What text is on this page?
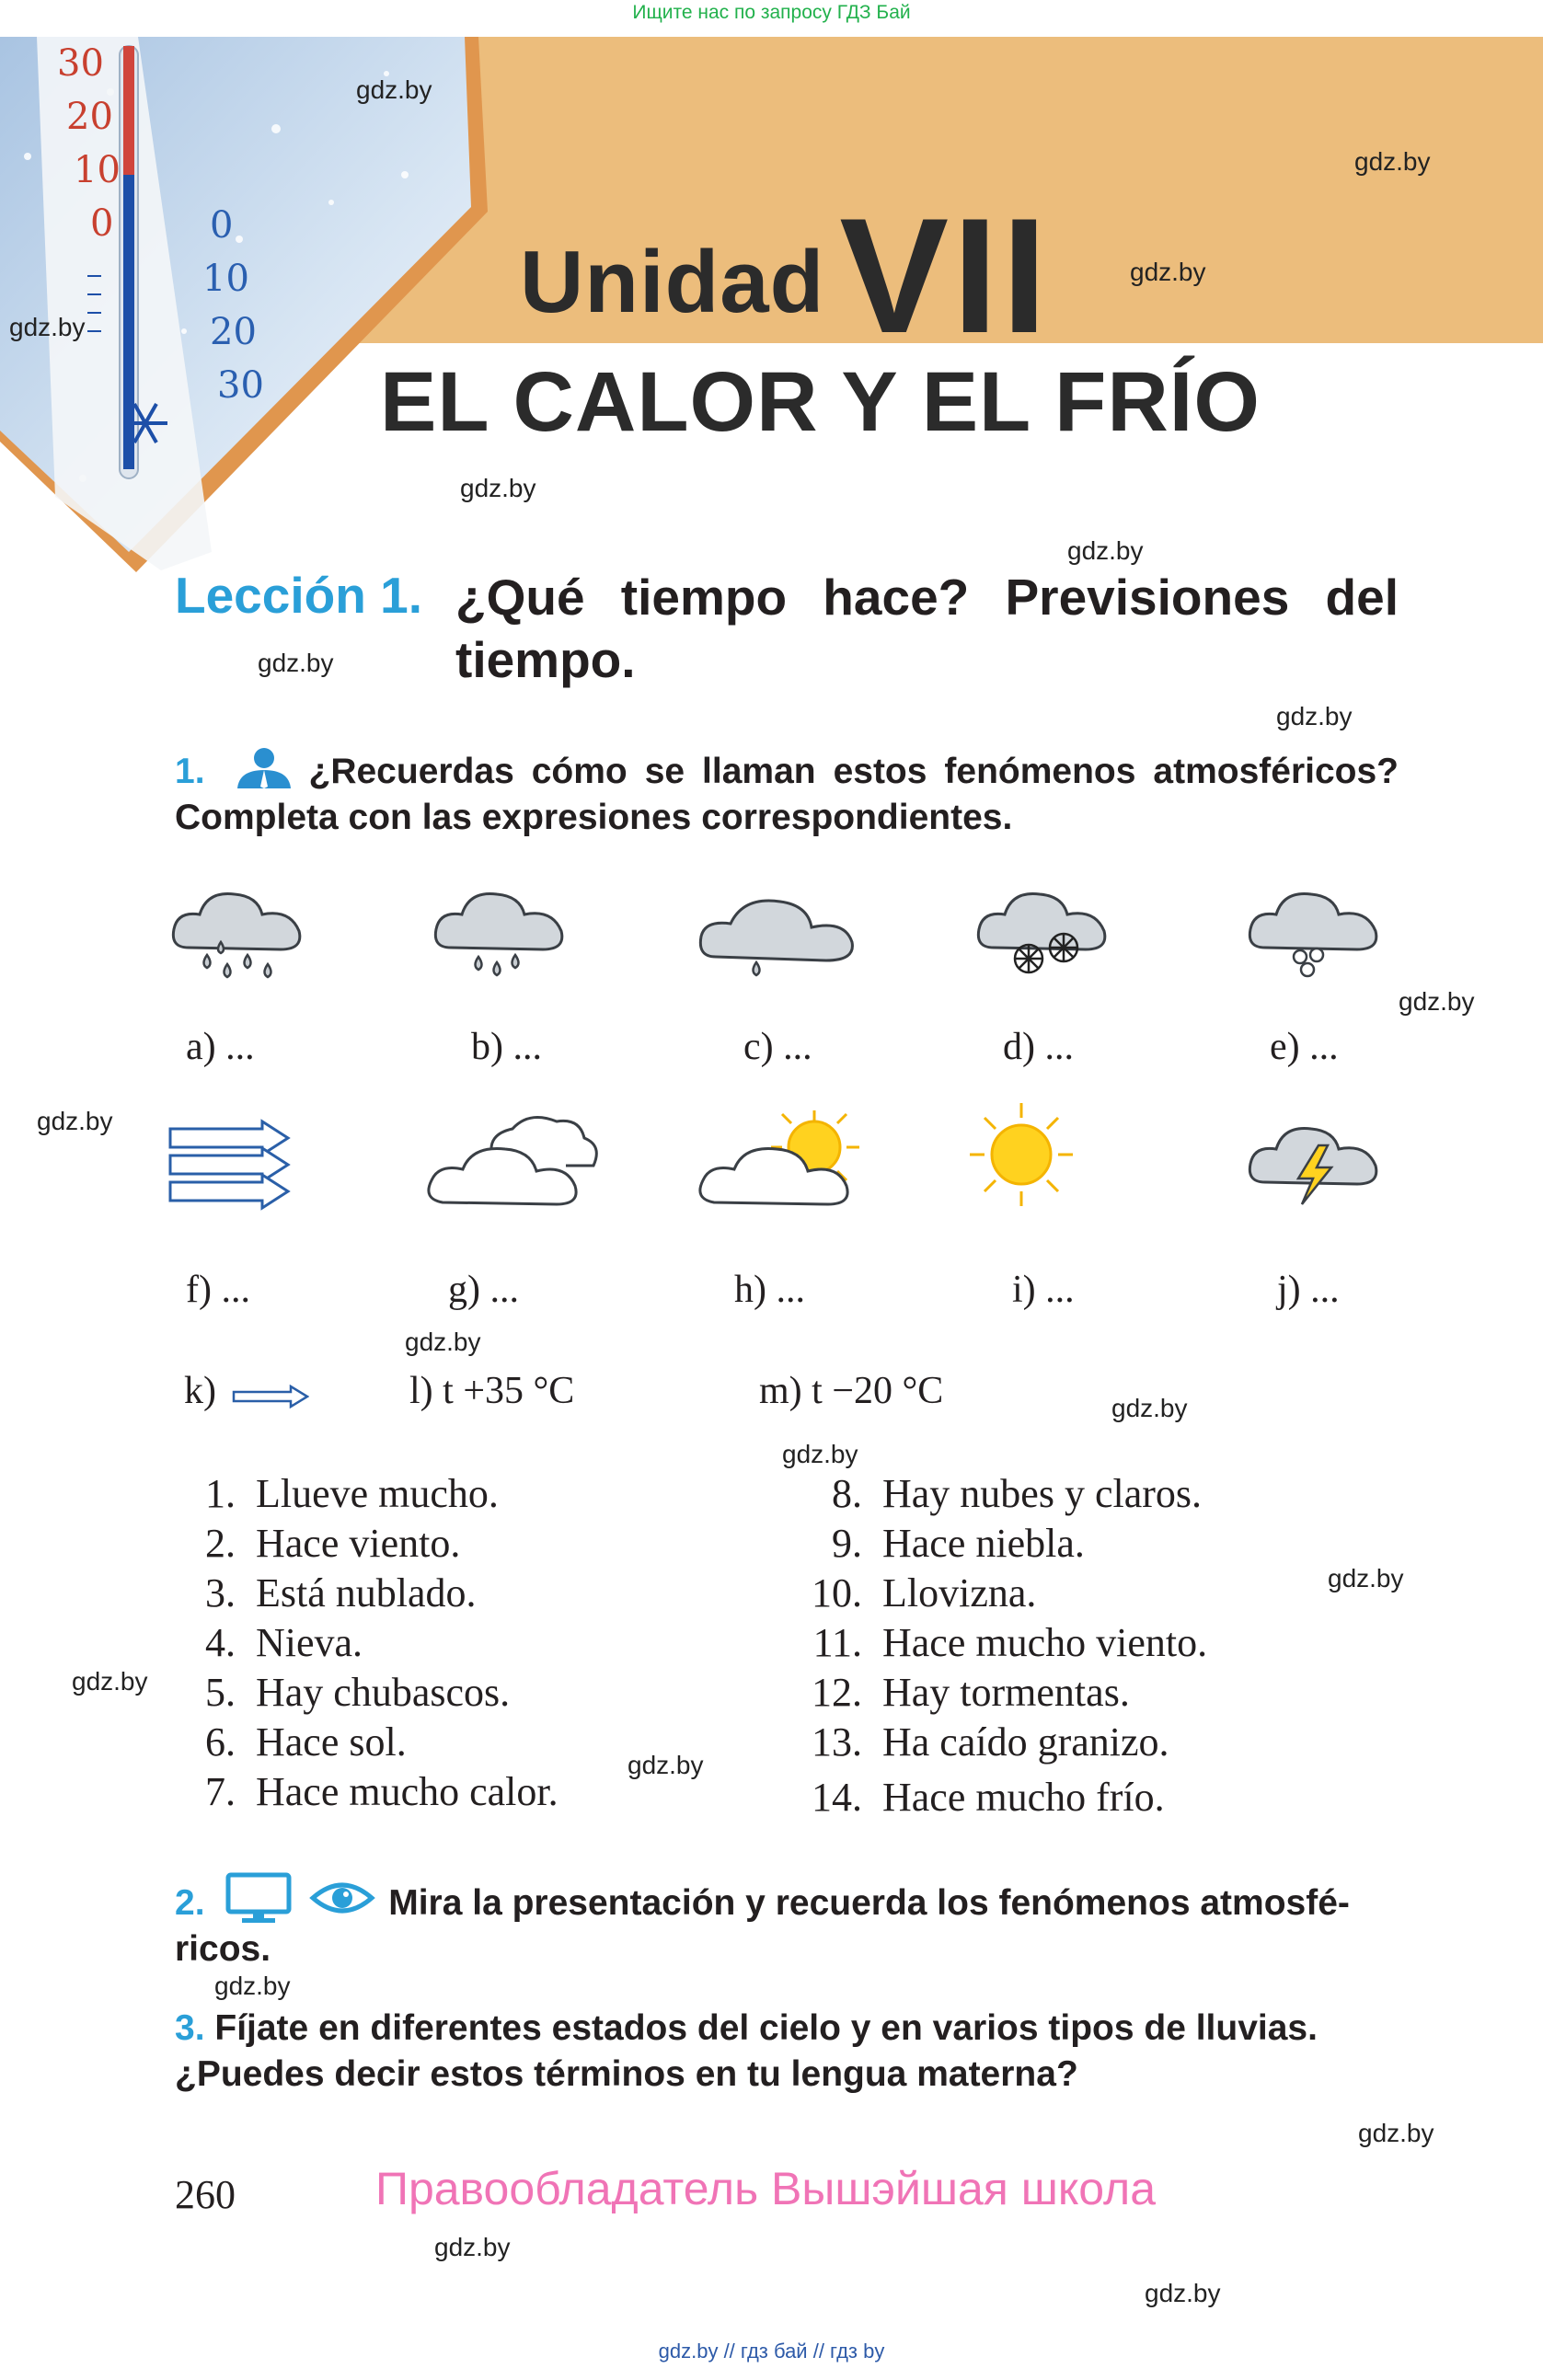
Ищите нас по запросу ГДЗ Бай
30
20
10
0	0
10
20
30
UnidadVII
EL CALOR Y EL FRÍO
Lección 1. ¿Qué tiempo hace? Previsiones del tiempo.
1.	¿Recuerdas cómo se llaman estos fenómenos atmosféricos? Completa con las expresiones correspondientes.
a) ...	b) ...	c) ...	d) ...	e) ...
f) ...	g) ...	h) ...	i) ...	j) ...
k)	l) t +35 °C	m) t −20 °C
1. Llueve mucho.
2. Hace viento.
3. Está nublado.
4. Nieva.
5. Hay chubascos.
6. Hace sol.
7. Hace mucho calor.
8. Hay nubes y claros.
9. Hace niebla.
10. Llovizna.
11. Hace mucho viento.
12. Hay tormentas.
13. Ha caído granizo.
14. Hace mucho frío.
2.	Mira la presentación y recuerda los fenómenos atmosfé-
ricos.
3. Fíjate en diferentes estados del cielo y en varios tipos de lluvias. ¿Puedes decir estos términos en tu lengua materna?
260	Правообладатель Вышэйшая школа
gdz.by
gdz.by
gdz.by
gdz.by
gdz.by
gdz.by
gdz.by
gdz.by
gdz.by
gdz.by
gdz.by
gdz.by
gdz.by
gdz.by
gdz.by
gdz.by
gdz.by
gdz.by
gdz.by
gdz.by
gdz.by // гдз бай // гдз by
